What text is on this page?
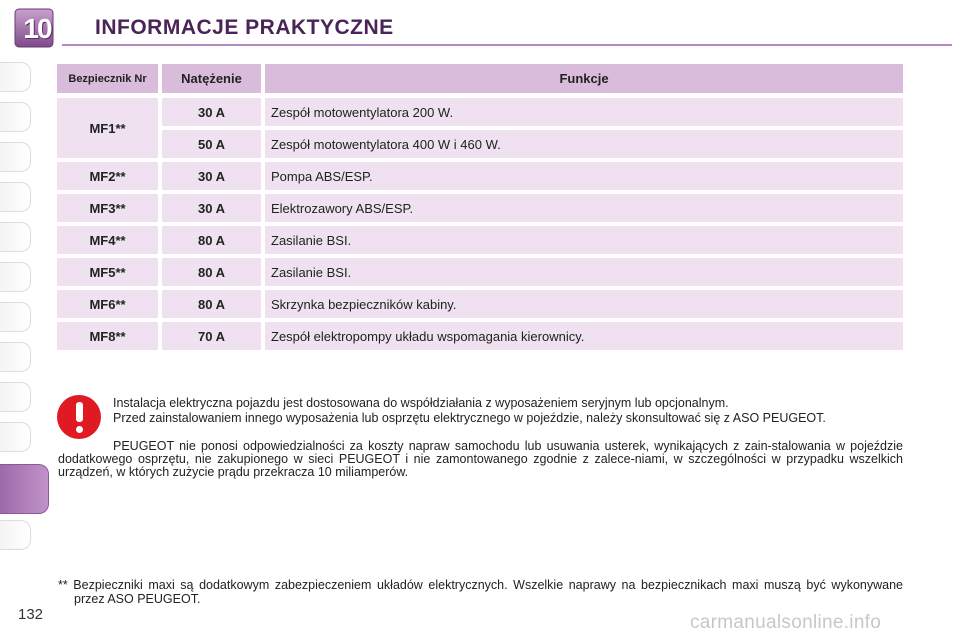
10	INFORMACJE PRAKTYCZNE
Bezpiecznik Nr	Natężenie	Funkcje
MF1**
30 A	Zespół motowentylatora 200 W.
50 A	Zespół motowentylatora 400 W i 460 W.
MF2**	30 A	Pompa ABS/ESP.
MF3**	30 A	Elektrozawory ABS/ESP.
MF4**	80 A	Zasilanie BSI.
MF5**	80 A	Zasilanie BSI.
MF6**	80 A	Skrzynka bezpieczników kabiny.
MF8**	70 A	Zespół elektropompy układu wspomagania kierownicy.
Instalacja elektryczna pojazdu jest dostosowana do współdziałania z wyposażeniem seryjnym lub opcjonalnym.
Przed zainstalowaniem innego wyposażenia lub osprzętu elektrycznego w pojeździe, należy skonsultować się z ASO PEUGEOT.
PEUGEOT nie ponosi odpowiedzialności za koszty napraw samochodu lub usuwania usterek, wynikających z zain-stalowania w pojeździe dodatkowego osprzętu, nie zakupionego w sieci PEUGEOT i nie zamontowanego zgodnie z zalece-niami, w szczególności w przypadku wszelkich urządzeń, w których zużycie prądu przekracza 10 miliamperów.
** Bezpieczniki maxi są dodatkowym zabezpieczeniem układów elektrycznych. Wszelkie naprawy na bezpiecznikach maxi muszą być wykonywane przez ASO PEUGEOT.
132	carmanualsonline.info
